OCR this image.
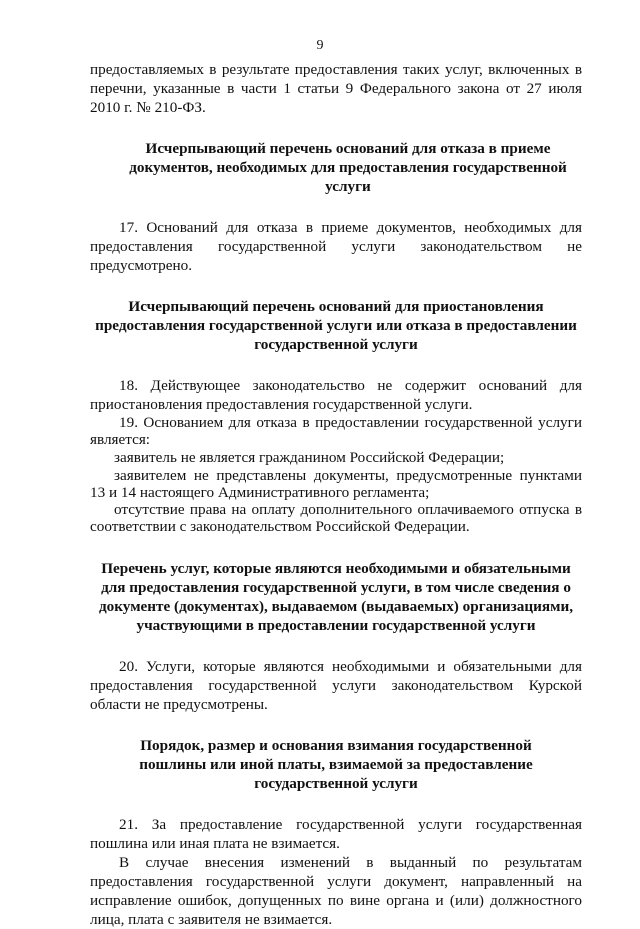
9

предоставляемых в результате предоставления таких услуг, включенных в перечни, указанные в части 1 статьи 9 Федерального закона от 27 июля 2010 г. № 210-ФЗ.

Исчерпывающий перечень оснований для отказа в приеме документов, необходимых для предоставления государственной услуги

17. Оснований для отказа в приеме документов, необходимых для предоставления государственной услуги законодательством не предусмотрено.

Исчерпывающий перечень оснований для приостановления предоставления государственной услуги или отказа в предоставлении государственной услуги

18. Действующее законодательство не содержит оснований для приостановления предоставления государственной услуги.

19. Основанием для отказа в предоставлении государственной услуги является:

заявитель не является гражданином Российской Федерации;

заявителем не представлены документы, предусмотренные пунктами 13 и 14 настоящего Административного регламента;

отсутствие права на оплату дополнительного оплачиваемого отпуска в соответствии с законодательством Российской Федерации.

Перечень услуг, которые являются необходимыми и обязательными для предоставления государственной услуги, в том числе сведения о документе (документах), выдаваемом (выдаваемых) организациями, участвующими в предоставлении государственной услуги

20. Услуги, которые являются необходимыми и обязательными для предоставления государственной услуги законодательством Курской области не предусмотрены.

Порядок, размер и основания взимания государственной пошлины или иной платы, взимаемой за предоставление государственной услуги

21. За предоставление государственной услуги государственная пошлина или иная плата не взимается.

В случае внесения изменений в выданный по результатам предоставления государственной услуги документ, направленный на исправление ошибок, допущенных по вине органа и (или) должностного лица, плата с заявителя не взимается.
